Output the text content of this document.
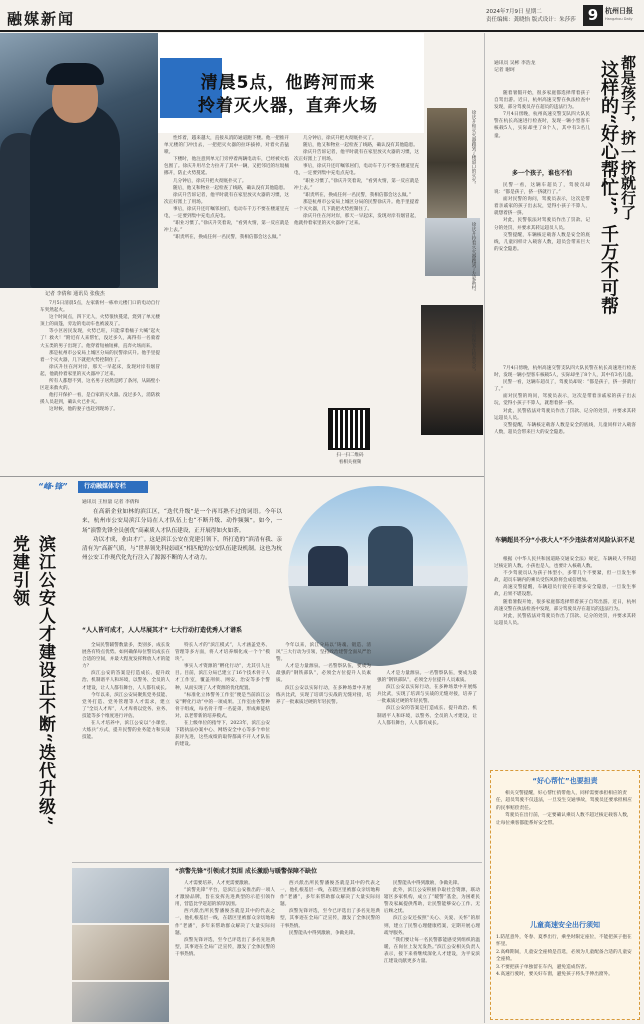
融媒新闻	2024年7月9日 星期二
责任编辑：龚晓怡 版式设计：朱莎莎 9 杭州日报
Hangzhou Daily
清晨5点，他跨河而来
拎着灭火器，直奔火场
记者 李倩和 通讯员 张俊杰

7月5日清晨5点，左家新村一栋单元楼门口的电动自行车突然起火。

这个时间点，四下无人，火势很快蔓延，烧到了单元楼顶上的雨篷，旁边的电动车也被波及了。

等小区居民发现，火势已旺，只能拿着桶子大喊“起火了！救火！”附近有人来帮忙，没过多久，离得有一名骑着大五类的男子出现了。他穿着短袖短裤，直奔火场而来。

那是杭州市公安局上城区分局的民警徐庆升。他手里提着一个灭火器，几下就把火势控制住了。

徐庆升住在河对岸，那天一早起床，发现对岸有烟冒起，他就拎着家里的灭火器冲了过来。

所有人都想不到，这名男子居然是跨了条河，从隔壁小区赶来救火的。

他打开保护一看，是自家的灭火器。没过多久，消防救援人员赶到，确认火已扑灭。

这时候，他的妻子也赶到现场了。

性炸着，越来越大，直接从消防通道跑下楼。他一把推开单元楼的门冲出去，一把把灭火器的拉环拔掉，对着火苗猛喷。

下楼时，他注意到单元门旁停着两辆电动车，已经被火焰包围了。徐庆升用尽全力拉开了其中一辆，又把邻近的垃圾桶挪开，防止火势蔓延。

几分钟后，徐庆升把火彻底扑灭了。

随后，他又和物业一起检查了线路，确认没有其他隐患。

徐庆升告诉记者，他平时就有在家里放灭火器的习惯，这次正好派上了用场。

事后，徐庆升还叮嘱邻居们，电动车千万不要在楼道里充电，一定要到集中充电点充电。

“职业习惯了。”徐庆升笑着说，“看到火情，第一反应就是冲上去。”

“职责所在，换成任何一名民警，我相信都会这么做。”

几分钟后，徐庆升把火彻底扑灭了。

随后，他又和物业一起检查了线路，确认没有其他隐患。

徐庆升告诉记者，他平时就有在家里放灭火器的习惯，这次正好派上了用场。

事后，徐庆升还叮嘱邻居们，电动车千万不要在楼道里充电，一定要到集中充电点充电。

“职业习惯了。”徐庆升笑着说，“看到火情，第一反应就是冲上去。”

“职责所在，换成任何一名民警，我相信都会这么做。”

那是杭州市公安局上城区分局的民警徐庆升。他手里提着一个灭火器，几下就把火势控制住了。

徐庆升住在河对岸，那天一早起床，发现对岸有烟冒起，他就拎着家里的灭火器冲了过来。

徐庆升和灭火器跑到了楼道口的灭火。
徐庆升拎着灭火器跑到了左家新村。
徐庆升和保安在检查火灾。
扫一扫二维码
看相关视频
通讯员 吴彬 李浩龙
记者 谢珂	都是孩子，挤一挤就行了
这样的“好心帮忙”，千万不可帮

随着暑假开始，很多家庭都选择带着孩子自驾出游。近日，杭州高速交警在执法检查中发现，部分驾驶员存在超员的违法行为。

7月4日傍晚，杭州高速交警支队四大队民警在杭长高速进行检查时，发现一辆小型客车核载5人，实际却坐了8个人，其中有3名儿童。

多一个孩子，谁也不怕

民警一看，这辆车超员了，驾驶员却说：“都是孩子，挤一挤就行了。”

面对民警的询问，驾驶员表示，这次是带着亲戚家的孩子出去玩，觉得小孩子不算人，就想着挤一挤。

对此，民警依法对驾驶员作出了罚款、记分的处罚，并要求其转运超员人员。

交警提醒，车辆核定载客人数是安全的底线，儿童同样计入载客人数，超员会带来巨大的安全隐患。

7月4日傍晚，杭州高速交警支队四大队民警在杭长高速进行检查时，发现一辆小型客车核载5人，实际却坐了8个人，其中有3名儿童。

民警一看，这辆车超员了，驾驶员却说：“都是孩子，挤一挤就行了。”

面对民警的询问，驾驶员表示，这次是带着亲戚家的孩子出去玩，觉得小孩子不算人，就想着挤一挤。

对此，民警依法对驾驶员作出了罚款、记分的处罚，并要求其转运超员人员。

交警提醒，车辆核定载客人数是安全的底线，儿童同样计入载客人数，超员会带来巨大的安全隐患。

车辆超员不分“小孩大人”不少违法者对风险认识不足

根据《中华人民共和国道路交通安全法》规定，车辆载人不得超过核定的人数。小孩也是人，也要计入核载人数。

不少驾驶员认为孩子体型小，多带几个不要紧，但一旦发生事故，超员车辆内的乘员受伤风险将会成倍增加。

高速交警提醒，车辆超员行驶存在诸多安全隐患，一旦发生事故，后果不堪设想。

随着暑假开始，很多家庭都选择带着孩子自驾出游。近日，杭州高速交警在执法检查中发现，部分驾驶员存在超员的违法行为。

对此，民警依法对驾驶员作出了罚款、记分的处罚，并要求其转运超员人员。

“好心帮忙”也要担责

相关交警提醒，好心帮忙捎带他人，同样需要承担相应的责任，超员驾驶不仅违法，一旦发生交通事故，驾驶员还要承担相应的民事赔偿责任。

驾驶员在出行前，一定要确认乘员人数不超过核定载客人数，让每位乘客都能系好安全带。

儿童高速安全出行须知
1.防范意外，冬春、夏季出行，乘坐时限定座位，不能把孩子抱在怀里。
2.高峰期间，儿童安全座椅是首选，必须为儿童配备合适的儿童安全座椅。
3.不要把孩子单独留在车内，避免造成伤害。
4.高速行驶时，要关好车窗，避免孩子将头手伸出窗外。
“峰·锋”	行动融媒体专栏
党建引领 滨江公安人才建设正不断“迭代升级”
通讯员 王恒量 记者 李倩和

在高新企业如林的滨江区，“迭代升级”是一个再耳熟不过的词语。今年以来，杭州市公安局滨江分局在人才队伍上也“不断升级、动作频频”。如今，一场“演警先锋全员创优”高素质人才队伍建设，正开展得如火如荼。

功以才成，业由才广。这是滨江公安在党建引领下，所打造的“滨清有我、亲清有为”高新气质，与“世界领先科技园区”相匹配的公安队伍建设机制。这也为杭州公安工作现代化先行注入了源源不断的人才动力。

“人人皆可成才，人人尽展其才” 七大行动打造优秀人才谱系

全局民警辅警数量多，类别多，成长发展各有特点优势。如何确保每位警员成长在合适的空间，并最大程度发挥释放人才的能力？

滨江公安的答案是打造成长、提升政治、机制谱平人和环境，以警务、全员的人才建设，让人人都有舞台，人人都有成长。

今年以来，滨江公安局聚焦党务技能、党务打造、党务管理等人才需求，建立了“全员人才库”，人才库将以党务、业务、技能等多个维度进行评估。

在人才培养中，滨江公安以“小课堂、大练兵”方式，提升民警的业务能力和实战技能。

特长人才的“滨江模式”，人才涵盖党务、管理等多方面，将人才培养细化成一个个“模块”。

事实人才资源的“孵化行动”，尤其引人注目。目前，滨江分局已建立了16个技术骨干人才工作室，覆盖刑侦、网安、治安等多个警种，从而实现了人才资源的优化配置。

“标准化立体警务工作室”便是当前滨江公安“孵化行动”中的一项成果。工作室由各警种骨干组成，每名骨干带一名徒弟，形成师徒结对、以老带新的培养模式。

在上级单位的指导下，2023年，滨江公安下辖执法办案中心、网络安全中心等多个单位获评先进，这些成绩的取得都离不开人才队伍的建设。

今年以来，滨江分局以“铸魂、锻造、清风”三大行动为引领，坚持政治建警全面从严治警。

人才是力量源泉。一名警察队伍，要成为最强的“钢铁部队”，必须全方位提升人员素质。

滨江公安以实际行动，在多种场景中开展练兵比武，实现了培训与实战的无缝对接，培养了一批素质过硬的年轻民警。

人才是力量源泉。一名警察队伍，要成为最强的“钢铁部队”，必须全方位提升人员素质。

滨江公安以实际行动，在多种场景中开展练兵比武，实现了培训与实战的无缝对接，培养了一批素质过硬的年轻民警。

滨江公安的答案是打造成长、提升政治、机制谱平人和环境，以警务、全员的人才建设，让人人都有舞台，人人都有成长。

“滨警先锋”引领成才氛围 成长激励与暖警保障不缺位

人才需要培养，人才更需要激励。

“滨警先锋”平台，是滨江公安推出的一项人才激励品牌，旨在发挥先进典型的示范引领作用，营造比学赶超的浓厚氛围。

西兴派出所民警潘俊杰就是其中的代表之一，他扎根基层一线，在辖区里被群众亲切地称作“老潘”，多年来帮助群众解决了大量实际问题。

滨警先锋评选，至今已评选出了多名先进典型，其事迹在全局广泛宣传，激发了全体民警的干事热情。

西兴派出所民警潘俊杰就是其中的代表之一，他扎根基层一线，在辖区里被群众亲切地称作“老潘”，多年来帮助群众解决了大量实际问题。

滨警先锋评选，至今已评选出了多名先进典型，其事迹在全局广泛宣传，激发了全体民警的干事热情。

民警能从中得到激励，争做先锋。

民警能从中得到激励，争做先锋。

此外，滨江公安积极争取社会资源，联动辖区多家机构，成立了“暖警”基金，为困难民警及家属提供帮助，让民警能够安心工作、无后顾之忧。

滨江公安还按照“关心、关爱、关怀”的原则，建立了民警心理健康档案，定期开展心理疏导服务。

“我们要让每一名民警都能感受到组织的温暖，在岗位上发光发热。”滨江公安相关负责人表示，接下来将继续深化人才建设，为平安滨江建设贡献更多力量。
